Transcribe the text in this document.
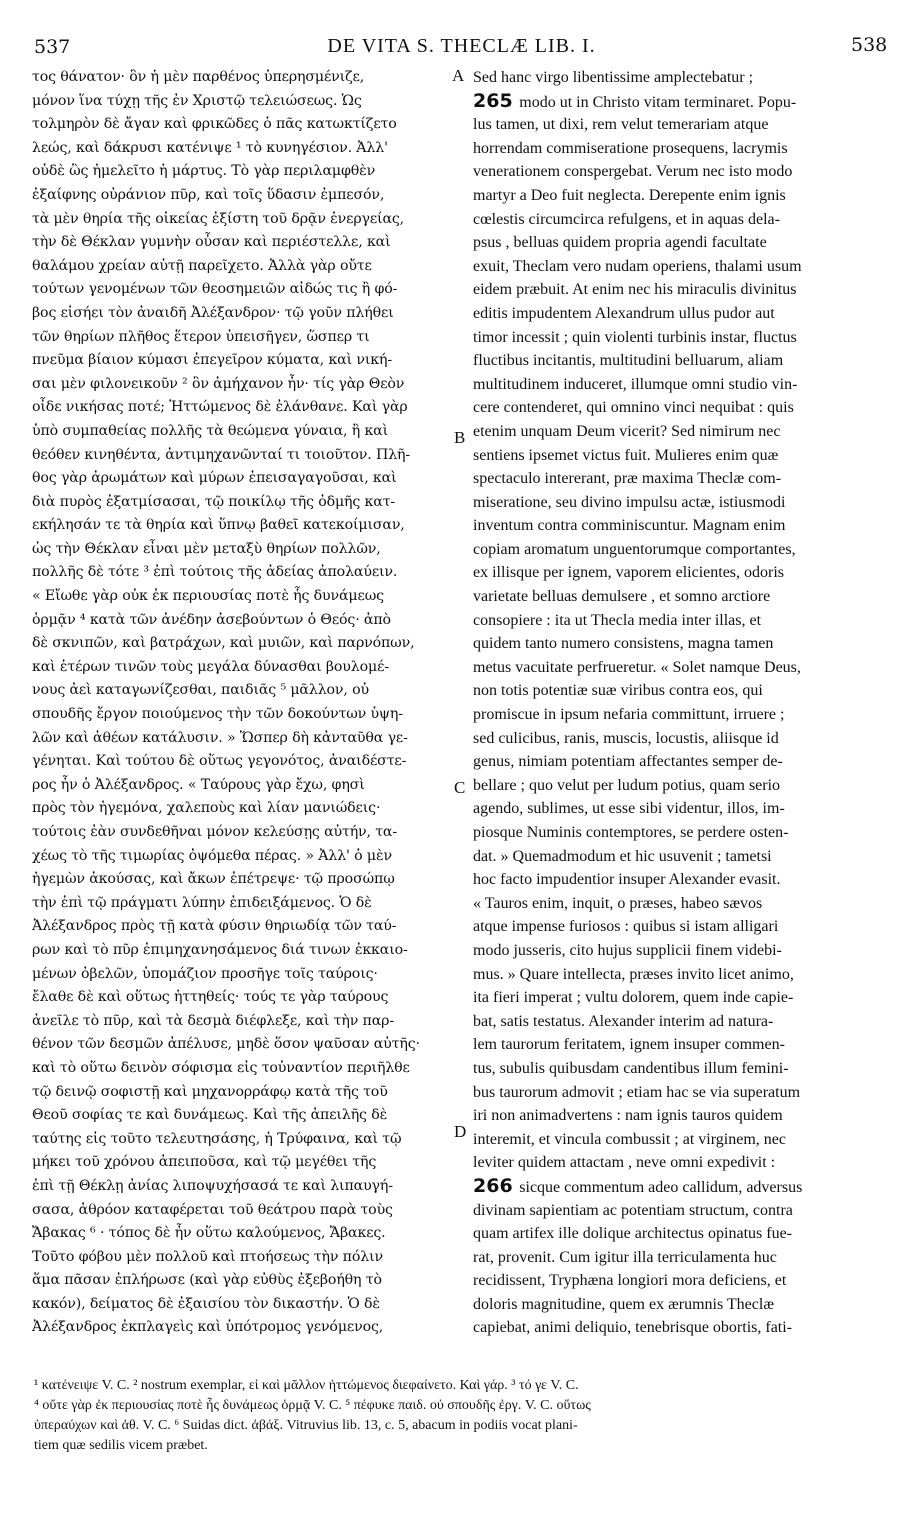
537	DE VITA S. THECLÆ LIB. I.	538
A
B
C
D
τος θάνατον· ὃν ἡ μὲν παρθένος ὑπερησμένιζε,
μόνον ἵνα τύχῃ τῆς ἐν Χριστῷ τελειώσεως. Ὡς
τολμηρὸν δὲ ἄγαν καὶ φρικῶδες ὁ πᾶς κατωκτίζετο
λεώς, καὶ δάκρυσι κατένιψε ¹ τὸ κυνηγέσιον. Ἀλλ'
οὐδὲ ὣς ἠμελεῖτο ἡ μάρτυς. Τὸ γὰρ περιλαμφθὲν
ἐξαίφνης οὐράνιον πῦρ, καὶ τοῖς ὕδασιν ἐμπεσόν,
τὰ μὲν θηρία τῆς οἰκείας ἐξίστη τοῦ δρᾷν ἐνεργείας,
τὴν δὲ Θέκλαν γυμνὴν οὖσαν καὶ περιέστελλε, καὶ
θαλάμου χρείαν αὐτῇ παρεῖχετο. Ἀλλὰ γὰρ οὔτε
τούτων γενομένων τῶν θεοσημειῶν αἰδώς τις ἢ φό-
βος εἰσήει τὸν ἀναιδῆ Ἀλέξανδρον· τῷ γοῦν πλήθει
τῶν θηρίων πλῆθος ἕτερον ὑπεισῆγεν, ὥσπερ τι
πνεῦμα βίαιον κύμασι ἐπεγεῖρον κύματα, καὶ νική-
σαι μὲν φιλονεικοῦν ² ὃν ἀμήχανον ἦν· τίς γὰρ Θεὸν
οἶδε νικήσας ποτέ; Ἡττώμενος δὲ ἐλάνθανε. Καὶ γὰρ
ὑπὸ συμπαθείας πολλῆς τὰ θεώμενα γύναια, ἢ καὶ
θεόθεν κινηθέντα, ἀντιμηχανῶνταί τι τοιοῦτον. Πλῆ-
θος γὰρ ἀρωμάτων καὶ μύρων ἐπεισαγαγοῦσαι, καὶ
διὰ πυρὸς ἐξατμίσασαι, τῷ ποικίλῳ τῆς ὀδμῆς κατ-
εκήλησάν τε τὰ θηρία καὶ ὕπνῳ βαθεῖ κατεκοίμισαν,
ὡς τὴν Θέκλαν εἶναι μὲν μεταξὺ θηρίων πολλῶν,
πολλῆς δὲ τότε ³ ἐπὶ τούτοις τῆς ἀδείας ἀπολαύειν.
« Εἴωθε γὰρ οὐκ ἐκ περιουσίας ποτὲ ἧς δυνάμεως
ὁρμᾷν ⁴ κατὰ τῶν ἀνέδην ἀσεβούντων ὁ Θεός· ἀπὸ
δὲ σκνιπῶν, καὶ βατράχων, καὶ μυιῶν, καὶ παρνόπων,
καὶ ἑτέρων τινῶν τοὺς μεγάλα δύνασθαι βουλομέ-
νους ἀεὶ καταγωνίζεσθαι, παιδιᾶς ⁵ μᾶλλον, οὐ
σπουδῆς ἔργον ποιούμενος τὴν τῶν δοκούντων ὑψη-
λῶν καὶ ἀθέων κατάλυσιν. » Ὥσπερ δὴ κἀνταῦθα γε-
γένηται. Καὶ τούτου δὲ οὕτως γεγονότος, ἀναιδέστε-
ρος ἦν ὁ Ἀλέξανδρος. « Ταύρους γὰρ ἔχω, φησὶ
πρὸς τὸν ἡγεμόνα, χαλεποὺς καὶ λίαν μανιώδεις·
τούτοις ἐὰν συνδεθῆναι μόνον κελεύσῃς αὐτήν, τα-
χέως τὸ τῆς τιμωρίας ὀψόμεθα πέρας. » Ἀλλ' ὁ μὲν
ἡγεμὼν ἀκούσας, καὶ ἄκων ἐπέτρεψε· τῷ προσώπῳ
τὴν ἐπὶ τῷ πράγματι λύπην ἐπιδειξάμενος. Ὁ δὲ
Ἀλέξανδρος πρὸς τῇ κατὰ φύσιν θηριωδίᾳ τῶν ταύ-
ρων καὶ τὸ πῦρ ἐπιμηχανησάμενος διά τινων ἐκκαιο-
μένων ὀβελῶν, ὑπομάζιον προσῆγε τοῖς ταύροις·
ἔλαθε δὲ καὶ οὕτως ἡττηθείς· τούς τε γὰρ ταύρους
ἀνεῖλε τὸ πῦρ, καὶ τὰ δεσμὰ διέφλεξε, καὶ τὴν παρ-
θένον τῶν δεσμῶν ἀπέλυσε, μηδὲ ὅσον ψαῦσαν αὐτῆς·
καὶ τὸ οὕτω δεινὸν σόφισμα εἰς τοὐναντίον περιῆλθε
τῷ δεινῷ σοφιστῇ καὶ μηχανορράφῳ κατὰ τῆς τοῦ
Θεοῦ σοφίας τε καὶ δυνάμεως. Καὶ τῆς ἀπειλῆς δὲ
ταύτης εἰς τοῦτο τελευτησάσης, ἡ Τρύφαινα, καὶ τῷ
μήκει τοῦ χρόνου ἀπειποῦσα, καὶ τῷ μεγέθει τῆς
ἐπὶ τῇ Θέκλῃ ἀνίας λιποψυχήσασά τε καὶ λιπαυγή-
σασα, ἀθρόον καταφέρεται τοῦ θεάτρου παρὰ τοὺς
Ἄβακας ⁶ · τόπος δὲ ἦν οὕτω καλούμενος, Ἄβακες.
Τοῦτο φόβου μὲν πολλοῦ καὶ πτοήσεως τὴν πόλιν
ἅμα πᾶσαν ἐπλήρωσε (καὶ γὰρ εὐθὺς ἐξεβοήθη τὸ
κακόν), δείματος δὲ ἐξαισίου τὸν δικαστήν. Ὁ δὲ
Ἀλέξανδρος ἐκπλαγεὶς καὶ ὑπότρομος γενόμενος,
Sed hanc virgo libentissime amplectebatur ;
265 modo ut in Christo vitam terminaret. Popu-
lus tamen, ut dixi, rem velut temerariam atque
horrendam commiseratione prosequens, lacrymis
venerationem conspergebat. Verum nec isto modo
martyr a Deo fuit neglecta. Derepente enim ignis
cœlestis circumcirca refulgens, et in aquas dela-
psus , belluas quidem propria agendi facultate
exuit, Theclam vero nudam operiens, thalami usum
eidem præbuit. At enim nec his miraculis divinitus
editis impudentem Alexandrum ullus pudor aut
timor incessit ; quin violenti turbinis instar, fluctus
fluctibus incitantis, multitudini belluarum, aliam
multitudinem induceret, illumque omni studio vin-
cere contenderet, qui omnino vinci nequibat : quis
etenim unquam Deum vicerit? Sed nimirum nec
sentiens ipsemet victus fuit. Mulieres enim quæ
spectaculo intererant, præ maxima Theclæ com-
miseratione, seu divino impulsu actæ, istiusmodi
inventum contra comminiscuntur. Magnam enim
copiam aromatum unguentorumque comportantes,
ex illisque per ignem, vaporem elicientes, odoris
varietate belluas demulsere , et somno arctiore
consopiere : ita ut Thecla media inter illas, et
quidem tanto numero consistens, magna tamen
metus vacuitate perfrueretur. « Solet namque Deus,
non totis potentiæ suæ viribus contra eos, qui
promiscue in ipsum nefaria committunt, irruere ;
sed culicibus, ranis, muscis, locustis, aliisque id
genus, nimiam potentiam affectantes semper de-
bellare ; quo velut per ludum potius, quam serio
agendo, sublimes, ut esse sibi videntur, illos, im-
piosque Numinis contemptores, se perdere osten-
dat. » Quemadmodum et hic usuvenit ; tametsi
hoc facto impudentior insuper Alexander evasit.
« Tauros enim, inquit, o præses, habeo sævos
atque impense furiosos : quibus si istam alligari
modo jusseris, cito hujus supplicii finem videbi-
mus. » Quare intellecta, præses invito licet animo,
ita fieri imperat ; vultu dolorem, quem inde capie-
bat, satis testatus. Alexander interim ad natura-
lem taurorum feritatem, ignem insuper commen-
tus, subulis quibusdam candentibus illum femini-
bus taurorum admovit ; etiam hac se via superatum
iri non animadvertens : nam ignis tauros quidem
interemit, et vincula combussit ; at virginem, nec
leviter quidem attactam , neve omni expedivit :
266 sicque commentum adeo callidum, adversus
divinam sapientiam ac potentiam structum, contra
quam artifex ille dolique architectus opinatus fue-
rat, provenit. Cum igitur illa terriculamenta huc
recidissent, Tryphæna longiori mora deficiens, et
doloris magnitudine, quem ex ærumnis Theclæ
capiebat, animi deliquio, tenebrisque obortis, fati-
¹ κατένειψε V. C. ² nostrum exemplar, εἰ καὶ μᾶλλον ἡττώμενος διεφαίνετο. Καὶ γάρ. ³ τό γε V. C.
⁴ οὔτε γὰρ ἐκ περιουσίας ποτὲ ἧς δυνάμεως ὁρμᾷ V. C. ⁵ πέφυκε παιδ. οὐ σπουδῆς ἐργ. V. C. οὕτως
ὑπεραύχων καὶ ἀθ. V. C. ⁶ Suidas dict. ἀβάξ. Vitruvius lib. 13, c. 5, abacum in podiis vocat plani-
tiem quæ sedilis vicem præbet.
